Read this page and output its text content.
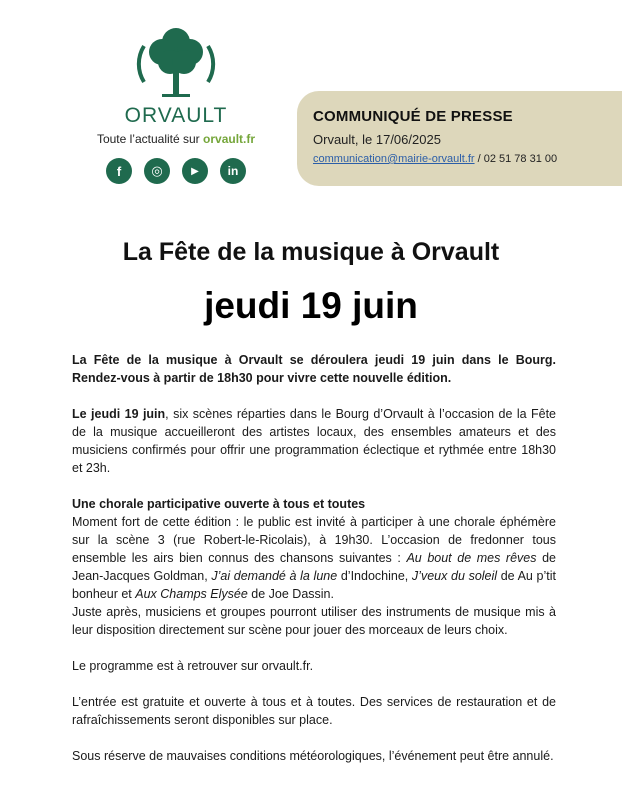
ORVAULT
Toute l’actualité sur orvault.fr
f	◎	▶	in
COMMUNIQUÉ DE PRESSE
Orvault, le 17/06/2025
communication@mairie-orvault.fr / 02 51 78 31 00
La Fête de la musique à Orvault
jeudi 19 juin

La Fête de la musique à Orvault se déroulera jeudi 19 juin dans le Bourg. Rendez-vous à partir de 18h30 pour vivre cette nouvelle édition.

Le jeudi 19 juin, six scènes réparties dans le Bourg d’Orvault à l’occasion de la Fête de la musique accueilleront des artistes locaux, des ensembles amateurs et des musiciens confirmés pour offrir une programmation éclectique et rythmée entre 18h30 et 23h.

Une chorale participative ouverte à tous et toutes
Moment fort de cette édition : le public est invité à participer à une chorale éphémère sur la scène 3 (rue Robert-le-Ricolais), à 19h30. L’occasion de fredonner tous ensemble les airs bien connus des chansons suivantes : Au bout de mes rêves de Jean-Jacques Goldman, J’ai demandé à la lune d’Indochine, J’veux du soleil de Au p’tit bonheur et Aux Champs Elysée de Joe Dassin.
Juste après, musiciens et groupes pourront utiliser des instruments de musique mis à leur disposition directement sur scène pour jouer des morceaux de leurs choix.

Le programme est à retrouver sur orvault.fr.

L’entrée est gratuite et ouverte à tous et à toutes. Des services de restauration et de rafraîchissements seront disponibles sur place.

Sous réserve de mauvaises conditions météorologiques, l’événement peut être annulé.
